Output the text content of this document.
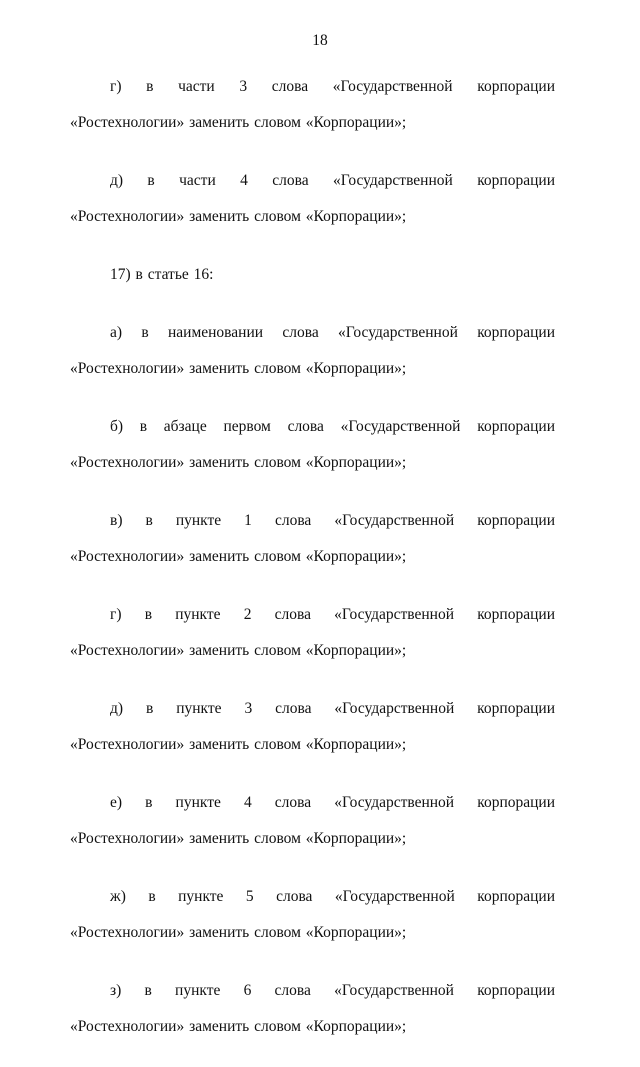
18

г) в части 3 слова «Государственной корпорации «Ростехнологии» заменить словом «Корпорации»;

д) в части 4 слова «Государственной корпорации «Ростехнологии» заменить словом «Корпорации»;

17) в статье 16:

а) в наименовании слова «Государственной корпорации «Ростехнологии» заменить словом «Корпорации»;

б) в абзаце первом слова «Государственной корпорации «Ростехнологии» заменить словом «Корпорации»;

в) в пункте 1 слова «Государственной корпорации «Ростехнологии» заменить словом «Корпорации»;

г) в пункте 2 слова «Государственной корпорации «Ростехнологии» заменить словом «Корпорации»;

д) в пункте 3 слова «Государственной корпорации «Ростехнологии» заменить словом «Корпорации»;

е) в пункте 4 слова «Государственной корпорации «Ростехнологии» заменить словом «Корпорации»;

ж) в пункте 5 слова «Государственной корпорации «Ростехнологии» заменить словом «Корпорации»;

з) в пункте 6 слова «Государственной корпорации «Ростехнологии» заменить словом «Корпорации»;
